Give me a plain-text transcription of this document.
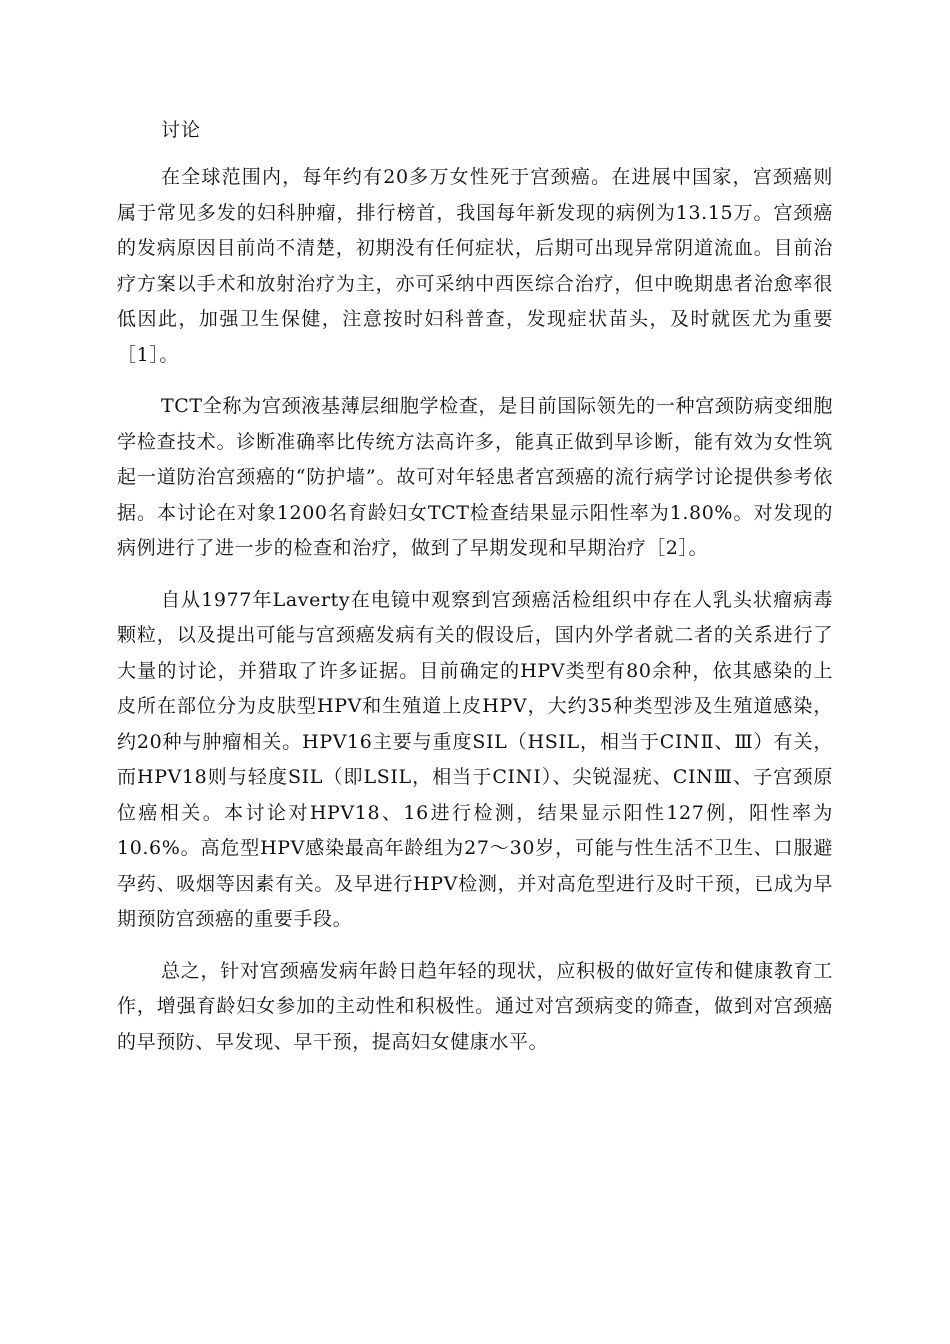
讨论

在全球范围内，每年约有20多万女性死于宫颈癌。在进展中国家，宫颈癌则属于常见多发的妇科肿瘤，排行榜首，我国每年新发现的病例为13.15万。宫颈癌的发病原因目前尚不清楚，初期没有任何症状，后期可出现异常阴道流血。目前治疗方案以手术和放射治疗为主，亦可采纳中西医综合治疗，但中晚期患者治愈率很低因此，加强卫生保健，注意按时妇科普查，发现症状苗头，及时就医尤为重要［1］。

TCT全称为宫颈液基薄层细胞学检查，是目前国际领先的一种宫颈防病变细胞学检查技术。诊断准确率比传统方法高许多，能真正做到早诊断，能有效为女性筑起一道防治宫颈癌的“防护墙”。故可对年轻患者宫颈癌的流行病学讨论提供参考依据。本讨论在对象1200名育龄妇女TCT检查结果显示阳性率为1.80%。对发现的病例进行了进一步的检查和治疗，做到了早期发现和早期治疗［2］。

自从1977年Laverty在电镜中观察到宫颈癌活检组织中存在人乳头状瘤病毒颗粒，以及提出可能与宫颈癌发病有关的假设后，国内外学者就二者的关系进行了大量的讨论，并猎取了许多证据。目前确定的HPV类型有80余种，依其感染的上皮所在部位分为皮肤型HPV和生殖道上皮HPV，大约35种类型涉及生殖道感染，约20种与肿瘤相关。HPV16主要与重度SIL（HSIL，相当于CINⅡ、Ⅲ）有关，而HPV18则与轻度SIL（即LSIL，相当于CINⅠ）、尖锐湿疣、CINⅢ、子宫颈原位癌相关。本讨论对HPV18、16进行检测，结果显示阳性127例，阳性率为10.6%。高危型HPV感染最高年龄组为27～30岁，可能与性生活不卫生、口服避孕药、吸烟等因素有关。及早进行HPV检测，并对高危型进行及时干预，已成为早期预防宫颈癌的重要手段。

总之，针对宫颈癌发病年龄日趋年轻的现状，应积极的做好宣传和健康教育工作，增强育龄妇女参加的主动性和积极性。通过对宫颈病变的筛查，做到对宫颈癌的早预防、早发现、早干预，提高妇女健康水平。
